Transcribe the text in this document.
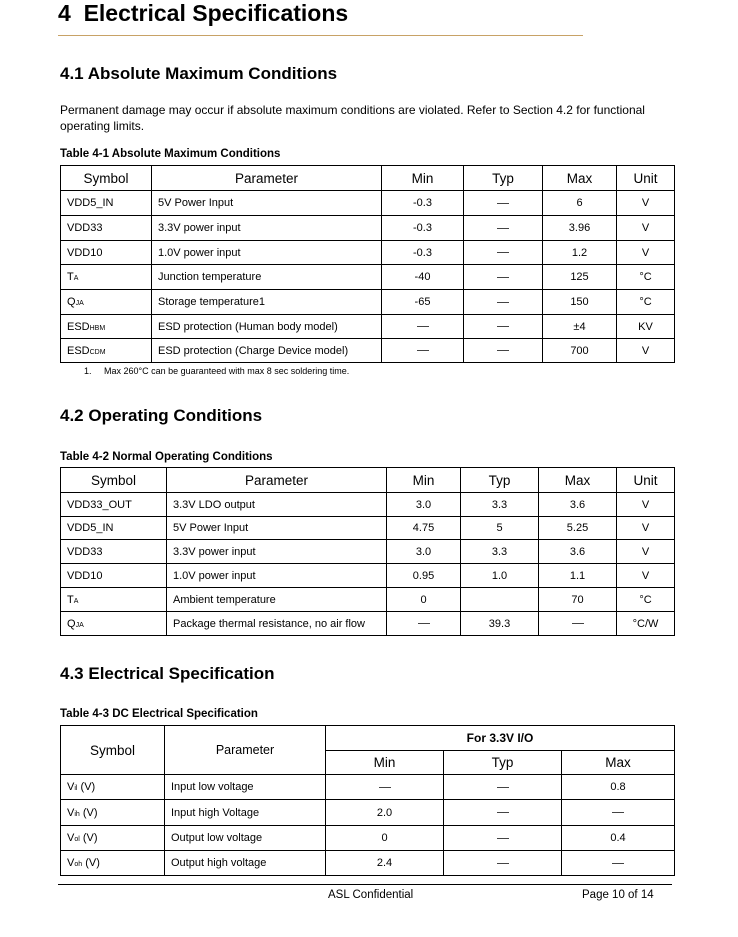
4 Electrical Specifications
4.1 Absolute Maximum Conditions
Permanent damage may occur if absolute maximum conditions are violated. Refer to Section 4.2 for functional operating limits.
Table 4-1 Absolute Maximum Conditions
Symbol	Parameter	Min	Typ	Max	Unit
VDD5_IN	5V Power Input	-0.3		6	V
VDD33	3.3V power input	-0.3		3.96	V
VDD10	1.0V power input	-0.3		1.2	V
TA	Junction temperature	-40		125	°C
QJA	Storage temperature1	-65		150	°C
ESDHBM	ESD protection (Human body model)			±4	KV
ESDCDM	ESD protection (Charge Device model)			700	V
1. Max 260°C can be guaranteed with max 8 sec soldering time.
4.2 Operating Conditions
Table 4-2 Normal Operating Conditions
Symbol	Parameter	Min	Typ	Max	Unit
VDD33_OUT	3.3V LDO output	3.0	3.3	3.6	V
VDD5_IN	5V Power Input	4.75	5	5.25	V
VDD33	3.3V power input	3.0	3.3	3.6	V
VDD10	1.0V power input	0.95	1.0	1.1	V
TA	Ambient temperature	0		70	°C
QJA	Package thermal resistance, no air flow		39.3		°C/W
4.3 Electrical Specification
Table 4-3 DC Electrical Specification
Symbol	Parameter	For 3.3V I/O		
		Min	Typ	Max
Vil (V)	Input low voltage			0.8
Vih (V)	Input high Voltage	2.0		
Vol (V)	Output low voltage	0		0.4
Voh (V)	Output high voltage	2.4		
ASL Confidential	Page 10 of 14
